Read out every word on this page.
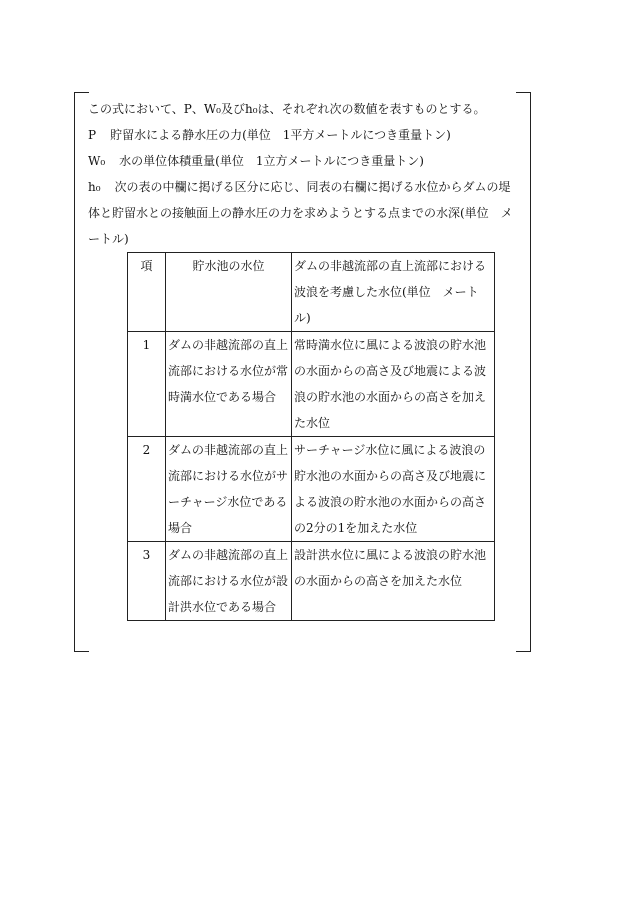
この式において、P、W₀及びh₀は、それぞれ次の数値を表すものとする。
P 貯留水による静水圧の力(単位　1平方メートルにつき重量トン)
W₀ 水の単位体積重量(単位　1立方メートルにつき重量トン)
h₀ 次の表の中欄に掲げる区分に応じ、同表の右欄に掲げる水位からダムの堤体と貯留水との接触面上の静水圧の力を求めようとする点までの水深(単位　メートル)
項	貯水池の水位	ダムの非越流部の直上流部における波浪を考慮した水位(単位　メートル)
1	ダムの非越流部の直上流部における水位が常時満水位である場合	常時満水位に風による波浪の貯水池の水面からの高さ及び地震による波浪の貯水池の水面からの高さを加えた水位
2	ダムの非越流部の直上流部における水位がサーチャージ水位である場合	サーチャージ水位に風による波浪の貯水池の水面からの高さ及び地震による波浪の貯水池の水面からの高さの2分の1を加えた水位
3	ダムの非越流部の直上流部における水位が設計洪水位である場合	設計洪水位に風による波浪の貯水池の水面からの高さを加えた水位
